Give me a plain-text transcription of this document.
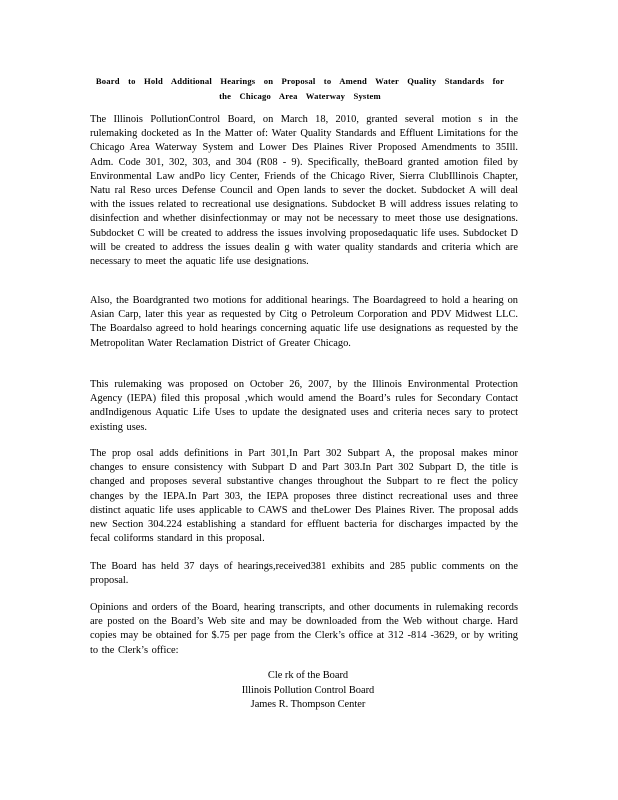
Board to Hold Additional Hearings on Proposal to Amend Water Quality Standards for the Chicago Area Waterway System
The Illinois PollutionControl Board, on March 18, 2010, granted several motion s in the rulemaking docketed as In the Matter of: Water Quality Standards and Effluent Limitations for the Chicago Area Waterway System and Lower Des Plaines River Proposed Amendments to 35Ill. Adm. Code 301, 302, 303, and 304 (R08 - 9). Specifically, theBoard granted amotion filed by Environmental Law andPo licy Center, Friends of the Chicago River, Sierra ClubIllinois Chapter, Natu ral Reso urces Defense Council and Open lands to sever the docket. Subdocket A will deal with the issues related to recreational use designations. Subdocket B will address issues relating to disinfection and whether disinfectionmay or may not be necessary to meet those use designations. Subdocket C will be created to address the issues involving proposedaquatic life uses. Subdocket D will be created to address the issues dealin g with water quality standards and criteria which are necessary to meet the aquatic life use designations.
Also, the Boardgranted two motions for additional hearings. The Boardagreed to hold a hearing on Asian Carp, later this year as requested by Citg o Petroleum Corporation and PDV Midwest LLC. The Boardalso agreed to hold hearings concerning aquatic life use designations as requested by the Metropolitan Water Reclamation District of Greater Chicago.
This rulemaking was proposed on October 26, 2007, by the Illinois Environmental Protection Agency (IEPA) filed this proposal ,which would amend the Board’s rules for Secondary Contact andIndigenous Aquatic Life Uses to update the designated uses and criteria neces sary to protect existing uses.
The prop osal adds definitions in Part 301,In Part 302 Subpart A, the proposal makes minor changes to ensure consistency with Subpart D and Part 303.In Part 302 Subpart D, the title is changed and proposes several substantive changes throughout the Subpart to re flect the policy changes by the IEPA.In Part 303, the IEPA proposes three distinct recreational uses and three distinct aquatic life uses applicable to CAWS and theLower Des Plaines River. The proposal adds new Section 304.224 establishing a standard for effluent bacteria for discharges impacted by the fecal coliforms standard in this proposal.
The Board has held 37 days of hearings,received381 exhibits and 285 public comments on the proposal.
Opinions and orders of the Board, hearing transcripts, and other documents in rulemaking records are posted on the Board’s Web site and may be downloaded from the Web without charge. Hard copies may be obtained for $.75 per page from the Clerk’s office at 312 -814 -3629, or by writing to the Clerk’s office:
Cle rk of the Board
Illinois Pollution Control Board
James R. Thompson Center
